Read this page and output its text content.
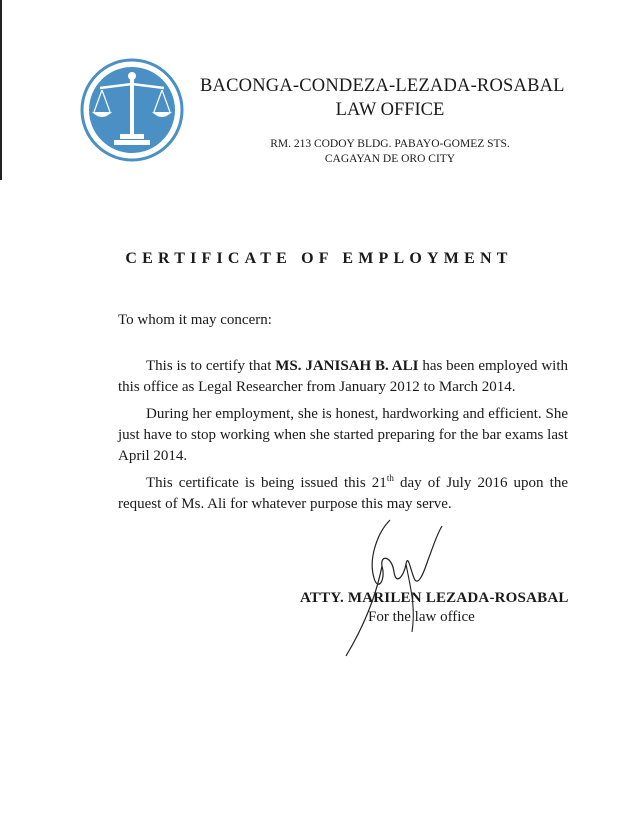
BACONGA-CONDEZA-LEZADA-ROSABAL
LAW OFFICE
RM. 213 CODOY BLDG. PABAYO-GOMEZ STS.
CAGAYAN DE ORO CITY
CERTIFICATE OF EMPLOYMENT
To whom it may concern:
This is to certify that MS. JANISAH B. ALI has been employed with this office as Legal Researcher from January 2012 to March 2014.
During her employment, she is honest, hardworking and efficient. She just have to stop working when she started preparing for the bar exams last April 2014.
This certificate is being issued this 21th day of July 2016 upon the request of Ms. Ali for whatever purpose this may serve.
ATTY. MARILEN LEZADA-ROSABAL
For the law office
